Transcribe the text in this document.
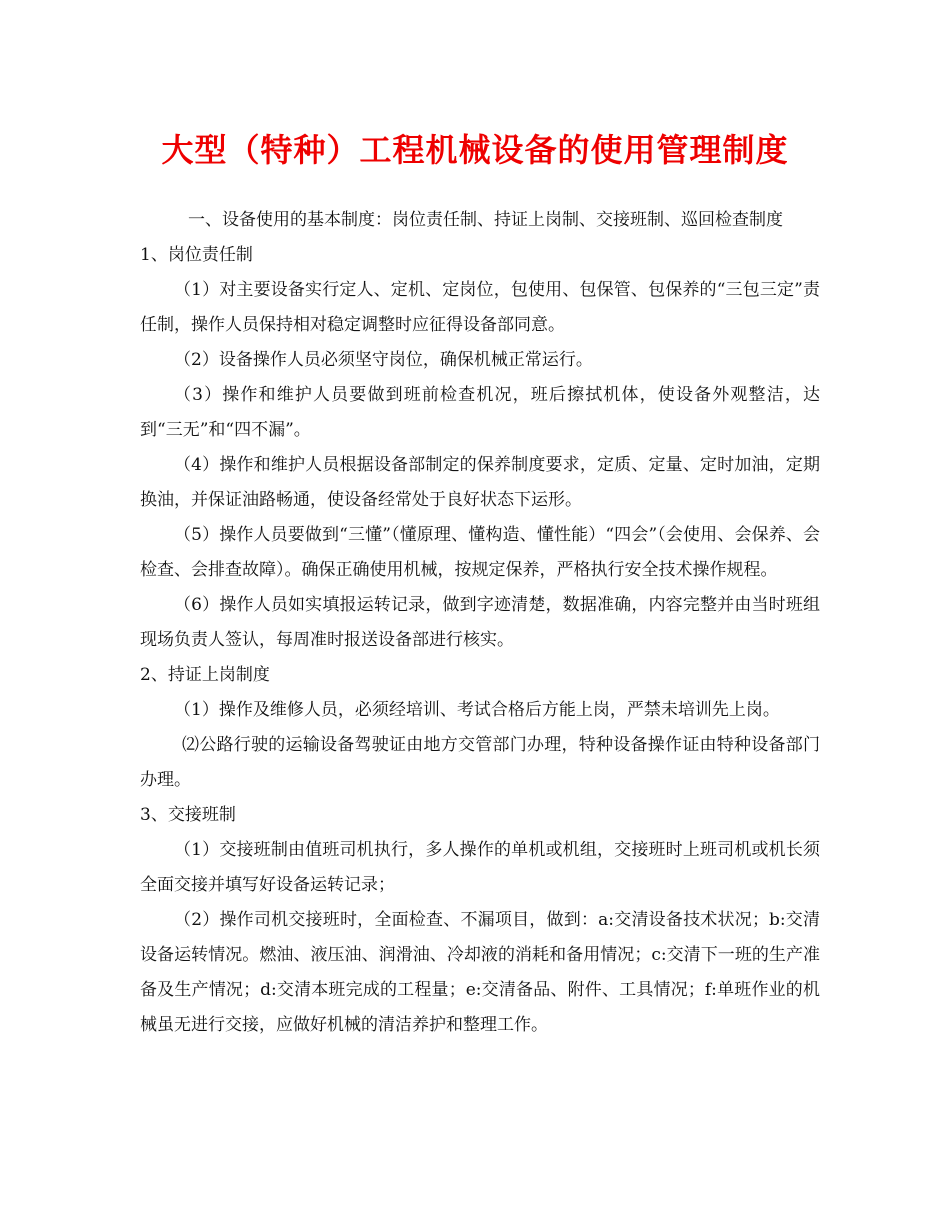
大型（特种）工程机械设备的使用管理制度

一、设备使用的基本制度：岗位责任制、持证上岗制、交接班制、巡回检查制度

1、岗位责任制

（1）对主要设备实行定人、定机、定岗位，包使用、包保管、包保养的“三包三定”责任制，操作人员保持相对稳定调整时应征得设备部同意。

（2）设备操作人员必须坚守岗位，确保机械正常运行。

（3）操作和维护人员要做到班前检查机况，班后擦拭机体，使设备外观整洁，达到“三无”和“四不漏”。

（4）操作和维护人员根据设备部制定的保养制度要求，定质、定量、定时加油，定期换油，并保证油路畅通，使设备经常处于良好状态下运形。

（5）操作人员要做到“三懂”（懂原理、懂构造、懂性能）“四会”（会使用、会保养、会检查、会排查故障）。确保正确使用机械，按规定保养，严格执行安全技术操作规程。

（6）操作人员如实填报运转记录，做到字迹清楚，数据准确，内容完整并由当时班组现场负责人签认，每周准时报送设备部进行核实。

2、持证上岗制度

（1）操作及维修人员，必须经培训、考试合格后方能上岗，严禁未培训先上岗。

⑵公路行驶的运输设备驾驶证由地方交管部门办理，特种设备操作证由特种设备部门办理。

3、交接班制

（1）交接班制由值班司机执行，多人操作的单机或机组，交接班时上班司机或机长须全面交接并填写好设备运转记录；

（2）操作司机交接班时，全面检查、不漏项目，做到：a:交清设备技术状况；b:交清设备运转情况。燃油、液压油、润滑油、冷却液的消耗和备用情况；c:交清下一班的生产准备及生产情况；d:交清本班完成的工程量；e:交清备品、附件、工具情况；f:单班作业的机械虽无进行交接，应做好机械的清洁养护和整理工作。
